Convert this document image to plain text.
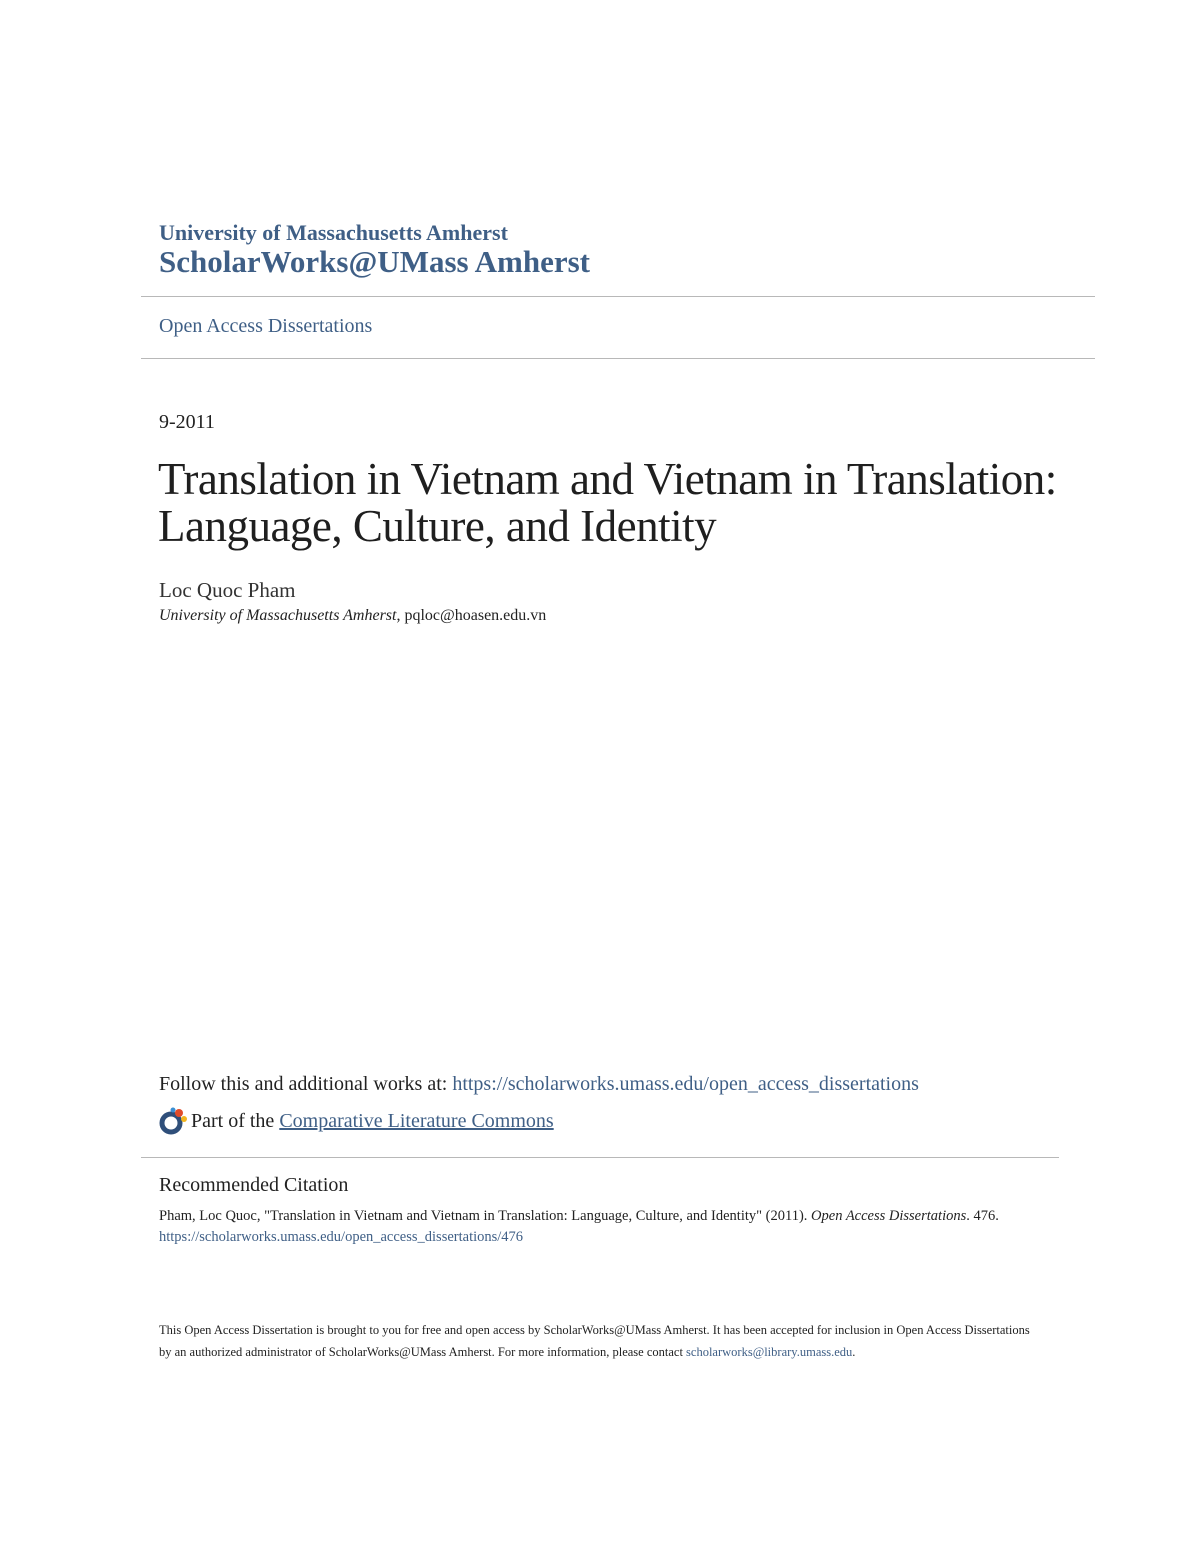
University of Massachusetts Amherst
ScholarWorks@UMass Amherst
Open Access Dissertations
9-2011
Translation in Vietnam and Vietnam in Translation: Language, Culture, and Identity
Loc Quoc Pham
University of Massachusetts Amherst, pqloc@hoasen.edu.vn
Follow this and additional works at: https://scholarworks.umass.edu/open_access_dissertations
Part of the
Comparative Literature Commons
Recommended Citation
Pham, Loc Quoc, "Translation in Vietnam and Vietnam in Translation: Language, Culture, and Identity" (2011). Open Access Dissertations. 476.
https://scholarworks.umass.edu/open_access_dissertations/476
This Open Access Dissertation is brought to you for free and open access by ScholarWorks@UMass Amherst. It has been accepted for inclusion in Open Access Dissertations by an authorized administrator of ScholarWorks@UMass Amherst. For more information, please contact scholarworks@library.umass.edu.
